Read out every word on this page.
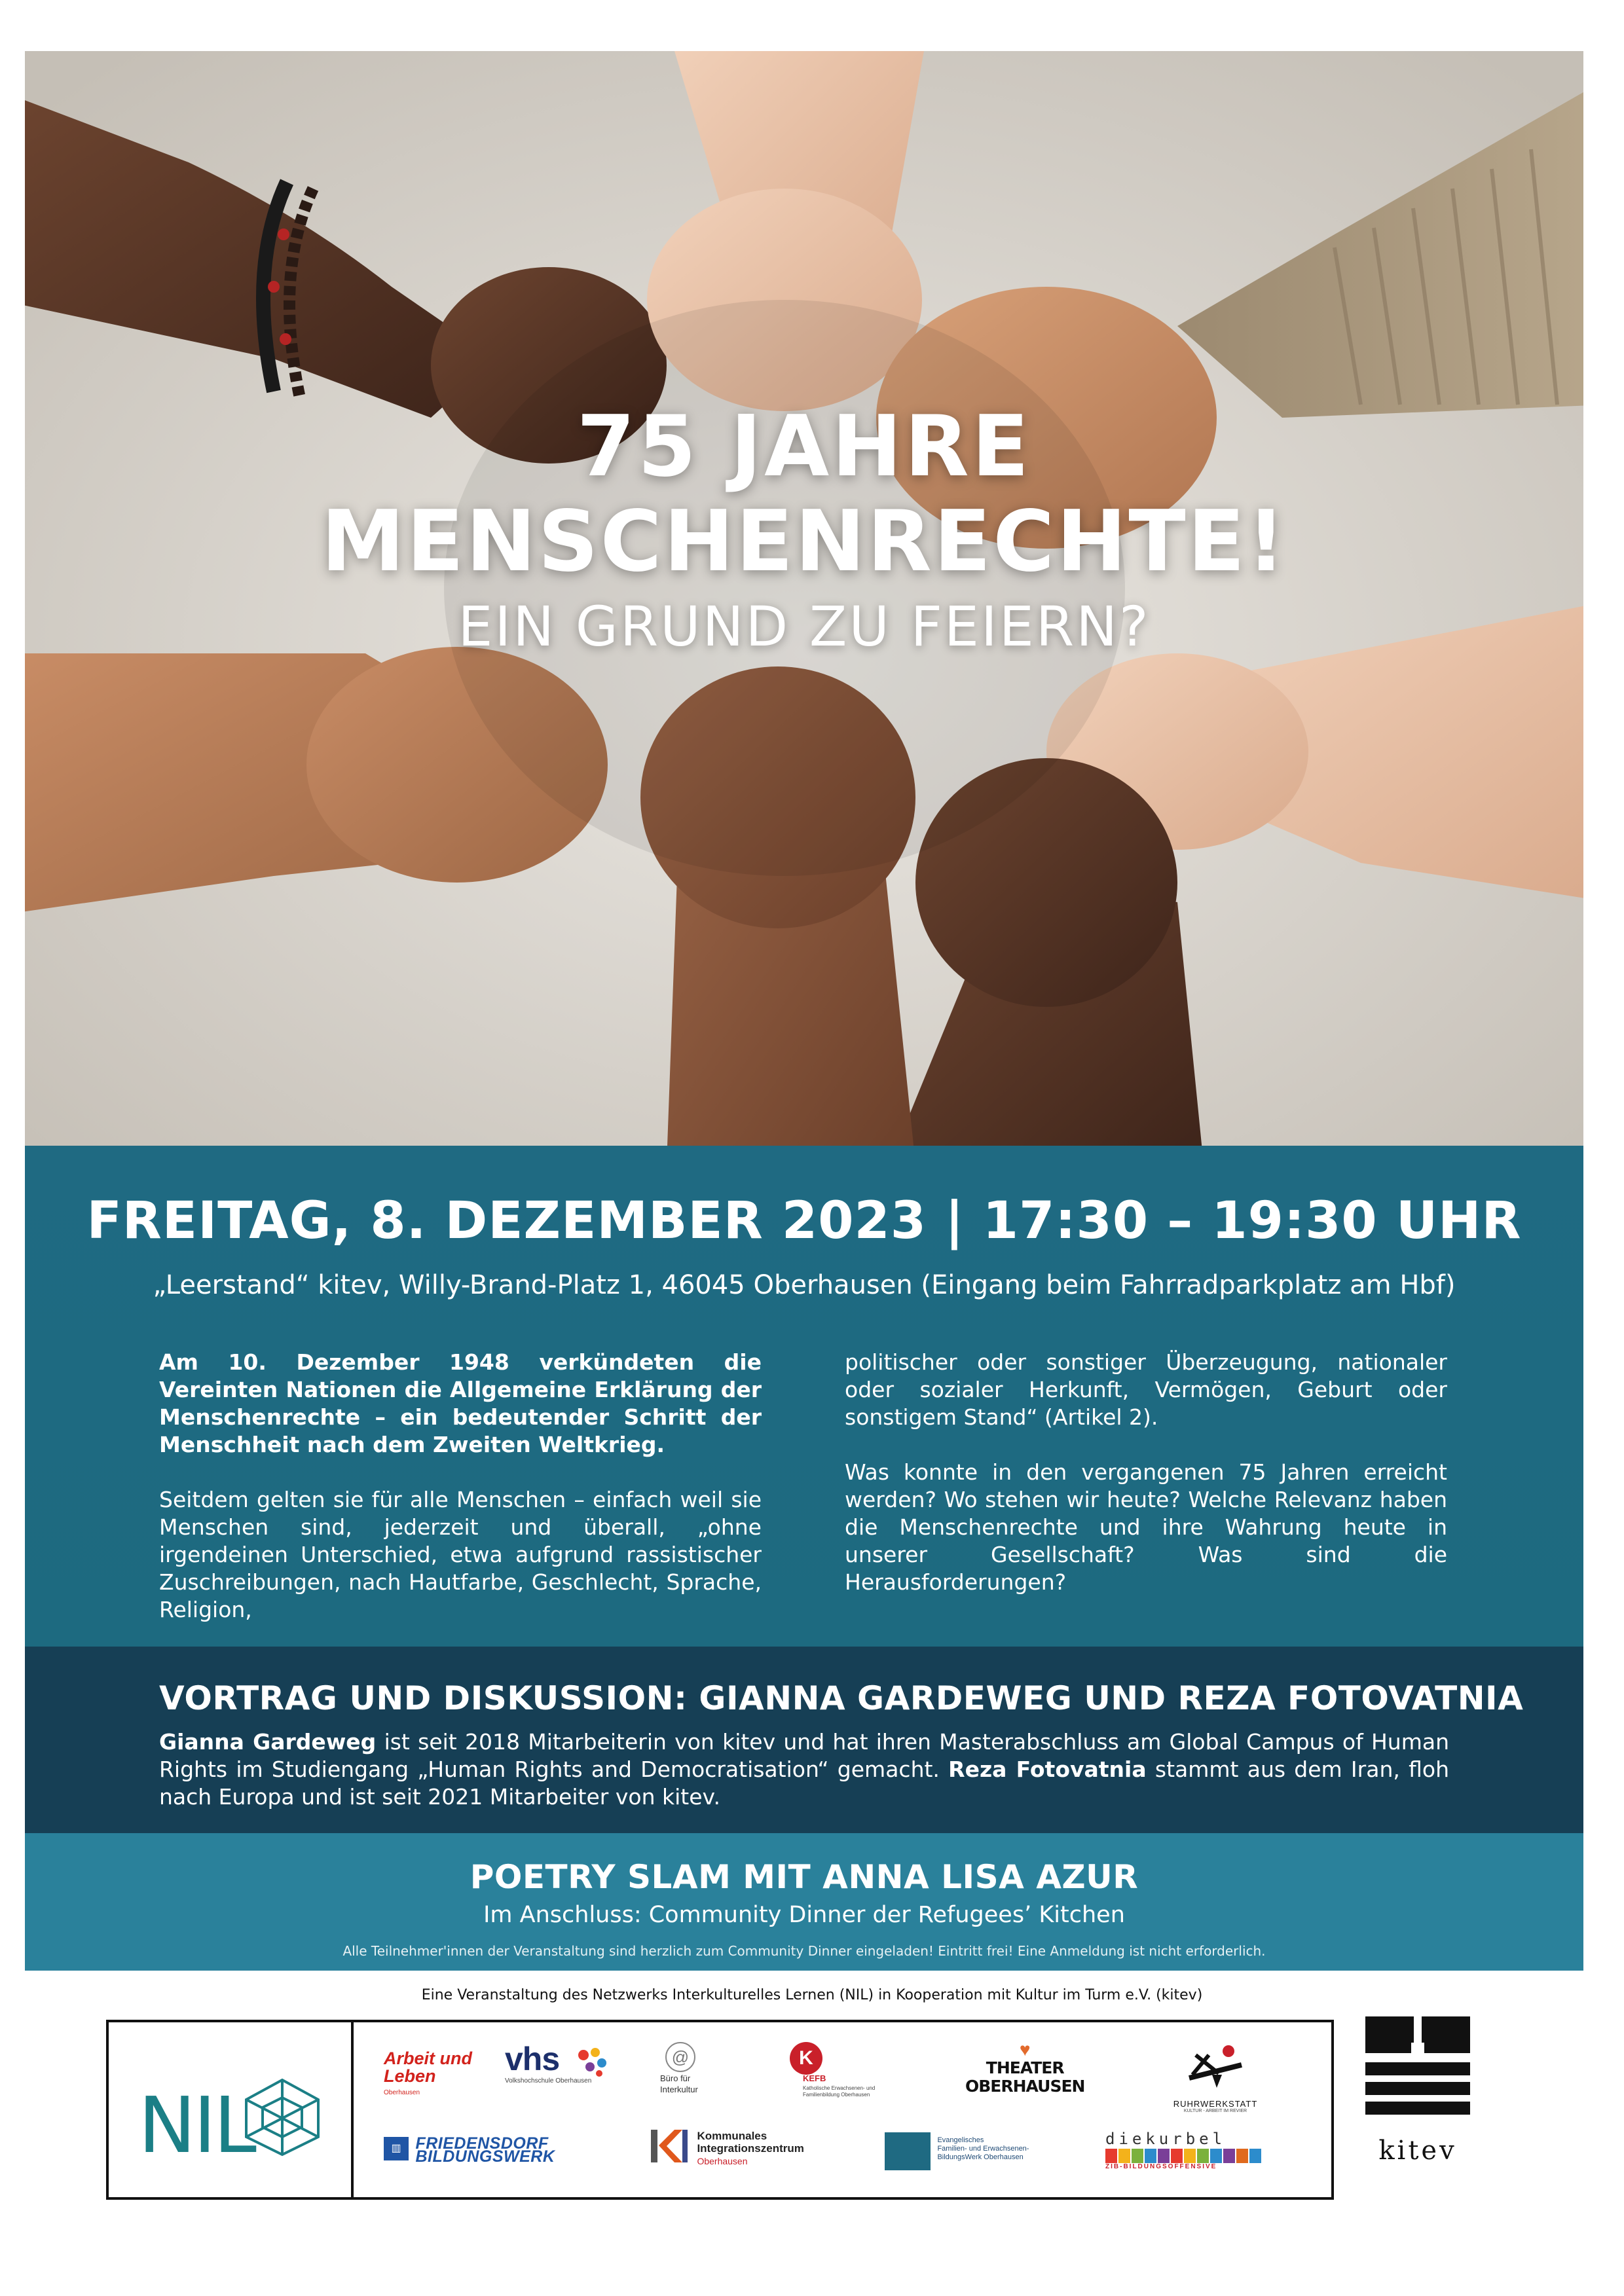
75 JAHRE
MENSCHENRECHTE!
EIN GRUND ZU FEIERN?
FREITAG, 8. DEZEMBER 2023 | 17:30 – 19:30 UHR
„Leerstand“ kitev, Willy-Brand-Platz 1, 46045 Oberhausen (Eingang beim Fahrradparkplatz am Hbf)

Am 10. Dezember 1948 verkündeten die Vereinten Nationen die Allgemeine Erklärung der Menschenrechte – ein bedeutender Schritt der Menschheit nach dem Zweiten Weltkrieg.

Seitdem gelten sie für alle Menschen – einfach weil sie Menschen sind, jederzeit und überall, „ohne irgendeinen Unterschied, etwa aufgrund rassistischer Zuschreibungen, nach Hautfarbe, Geschlecht, Sprache, Religion,

politischer oder sonstiger Überzeugung, nationaler oder sozialer Herkunft, Vermögen, Geburt oder sonstigem Stand“ (Artikel 2).

Was konnte in den vergangenen 75 Jahren erreicht werden? Wo stehen wir heute? Welche Relevanz haben die Menschenrechte und ihre Wahrung heute in unserer Gesellschaft? Was sind die Herausforderungen?

VORTRAG UND DISKUSSION: GIANNA GARDEWEG UND REZA FOTOVATNIA
Gianna Gardeweg ist seit 2018 Mitarbeiterin von kitev und hat ihren Masterabschluss am Global Campus of Human Rights im Studiengang „Human Rights and Democratisation“ gemacht. Reza Fotovatnia stammt aus dem Iran, floh nach Europa und ist seit 2021 Mitarbeiter von kitev.
POETRY SLAM MIT ANNA LISA AZUR
Im Anschluss: Community Dinner der Refugees’ Kitchen
Alle Teilnehmer'innen der Veranstaltung sind herzlich zum Community Dinner eingeladen! Eintritt frei! Eine Anmeldung ist nicht erforderlich.
Eine Veranstaltung des Netzwerks Interkulturelles Lernen (NIL) in Kooperation mit Kultur im Turm e.V. (kitev)
NIL
Arbeit und
Leben
Oberhausen
vhs
Volkshochschule Oberhausen
@
Büro für
Interkultur
K
KEFB
Katholische Erwachsenen- und Familienbildung Oberhausen
♥
THEATER
OBERHAUSEN
RUHRWERKSTATT
KULTUR - ARBEIT IM REVIER
▥ FRIEDENSDORF
BILDUNGSWERK
Kommunales
Integrationszentrum
Oberhausen
Evangelisches
Familien- und Erwachsenen-
BildungsWerk Oberhausen
diekurbel
ZIB-BILDUNGSOFFENSIVE
kitev
